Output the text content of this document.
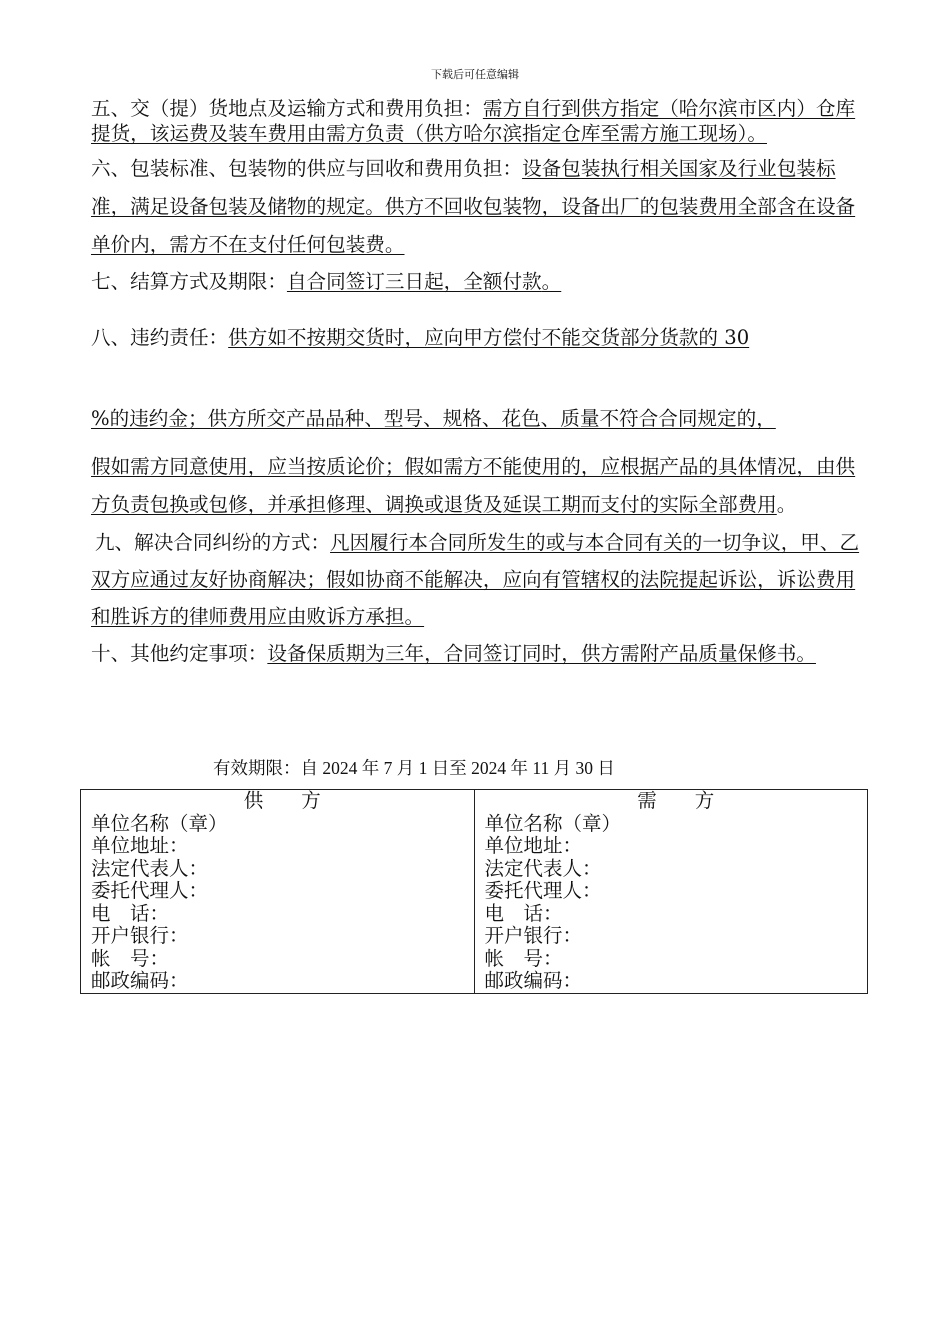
下载后可任意编辑

五、交（提）货地点及运输方式和费用负担：需方自行到供方指定（哈尔滨市区内）仓库提货，该运费及装车费用由需方负责（供方哈尔滨指定仓库至需方施工现场）。

六、包装标准、包装物的供应与回收和费用负担：设备包装执行相关国家及行业包装标准，满足设备包装及储物的规定。供方不回收包装物，设备出厂的包装费用全部含在设备单价内，需方不在支付任何包装费。

七、结算方式及期限：自合同签订三日起，全额付款。

八、违约责任：供方如不按期交货时，应向甲方偿付不能交货部分货款的 30
%的违约金；供方所交产品品种、型号、规格、花色、质量不符合合同规定的，

假如需方同意使用，应当按质论价；假如需方不能使用的，应根据产品的具体情况，由供方负责包换或包修，并承担修理、调换或退货及延误工期而支付的实际全部费用。

 九、解决合同纠纷的方式：凡因履行本合同所发生的或与本合同有关的一切争议，甲、乙双方应通过友好协商解决；假如协商不能解决，应向有管辖权的法院提起诉讼，诉讼费用和胜诉方的律师费用应由败诉方承担。

十、其他约定事项：设备保质期为三年，合同签订同时，供方需附产品质量保修书。

有效期限：自 2024 年 7 月 1 日至 2024 年 11 月 30 日
供方
单位名称（章）
单位地址：
法定代表人：
委托代理人：
电　话：
开户银行：
帐　号：
邮政编码：

需方
单位名称（章）
单位地址：
法定代表人：
委托代理人：
电　话：
开户银行：
帐　号：
邮政编码：
